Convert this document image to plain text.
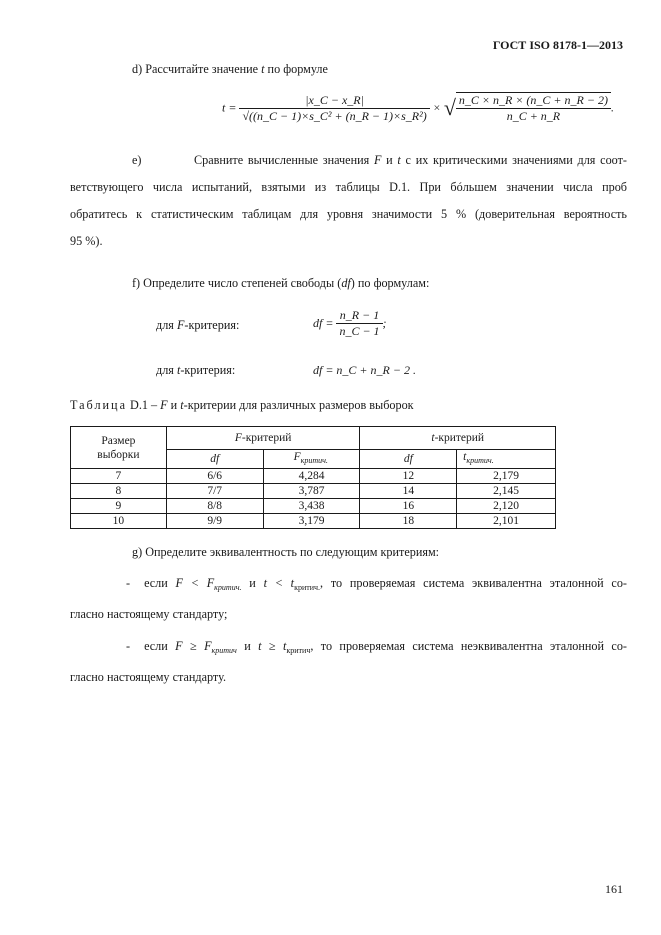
ГОСТ ISO 8178-1—2013
d) Рассчитайте значение t по формуле
$t = \frac{|x\_C - x\_R|}{\text{√((n\_C − 1)×s\_C² + (n\_R − 1)×s\_R²)}}$ × √ $\frac{n\_C \times n\_R \times (n\_C + n\_R - 2)}{n\_C + n\_R}$ .
e)	Сравните вычисленные значения F и t с их критическими значениями для соот-
ветствующего числа испытаний, взятыми из таблицы D.1. При бóльшем значении числа проб
обратитесь к статистическим таблицам для уровня значимости 5 % (доверительная вероятность
95 %).
f) Определите число степеней свободы (df) по формулам:
для F-критерия:	df = $\frac{n\_R - 1}{n\_C - 1}$ ;
для t-критерия:	df = n_C + n_R − 2 .
Таблица D.1 – F и t-критерии для различных размеров выборок
Размер
выборки	F-критерий		t-критерий	
	df	$F_{критич.}$	df	$t_{критич.}$
7	6/6	4,284	12	2,179
8	7/7	3,787	14	2,145
9	8/8	3,438	16	2,120
10	9/9	3,179	18	2,101
g) Определите эквивалентность по следующим критериям:
- если $F < F_{критич.}$ и $t < t_{критич.}$, то проверяемая система эквивалентна эталонной со-
гласно настоящему стандарту;
- если $F \ge F_{критич}$ и $t \ge t_{критич}$, то проверяемая система неэквивалентна эталонной со-
гласно настоящему стандарту.
161
